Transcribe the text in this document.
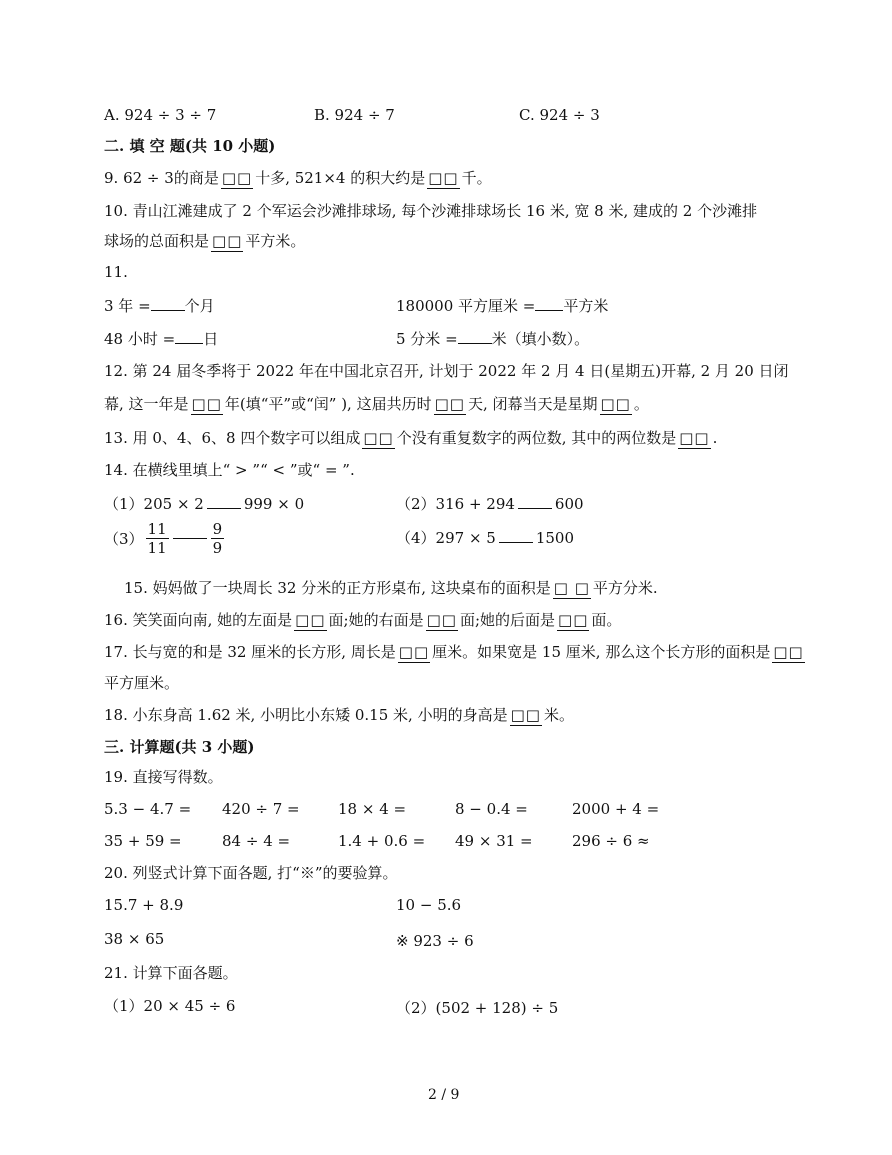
A. 924 ÷ 3 ÷ 7	B. 924 ÷ 7	C. 924 ÷ 3
二. 填 空 题(共 10 小题)
9. 62 ÷ 3的商是 □□ 十多, 521×4 的积大约是 □□ 千。
10. 青山江滩建成了 2 个军运会沙滩排球场, 每个沙滩排球场长 16 米, 宽 8 米, 建成的 2 个沙滩排
球场的总面积是 □□ 平方米。
11.
3 年 = 个月	180000 平方厘米 = 平方米
48 小时 = 日	5 分米 = 米（填小数）。
12. 第 24 届冬季将于 2022 年在中国北京召开, 计划于 2022 年 2 月 4 日(星期五)开幕, 2 月 20 日闭
幕, 这一年是 □□ 年(填“平”或“闰” ), 这届共历时 □□ 天, 闭幕当天是星期 □□ 。
13. 用 0、4、6、8 四个数字可以组成 □□ 个没有重复数字的两位数, 其中的两位数是 □□ .
14. 在横线里填上“ > ”“ < ”或“ = ”.
（1）205 × 2	999 × 0	（2）316 + 294	600
$(3) \frac{11}{11}$	$\frac{9}{9}$	（4）297 × 5	1500
15. 妈妈做了一块周长 32 分米的正方形桌布, 这块桌布的面积是 □ □ 平方分米.
16. 笑笑面向南, 她的左面是 □□ 面;她的右面是 □□ 面;她的后面是 □□ 面。
17. 长与宽的和是 32 厘米的长方形, 周长是 □□ 厘米。如果宽是 15 厘米, 那么这个长方形的面积是 □□
平方厘米。
18. 小东身高 1.62 米, 小明比小东矮 0.15 米, 小明的身高是 □□ 米。
三. 计算题(共 3 小题)
19. 直接写得数。
5.3 − 4.7 = 420 ÷ 7 =	18 × 4 =	8 − 0.4 =	2000 + 4 =
35 + 59 =	84 ÷ 4 =	1.4 + 0.6 = 49 × 31 =	296 ÷ 6 ≈
20. 列竖式计算下面各题, 打“※”的要验算。
15.7 + 8.9	10 − 5.6
38 × 65	※ 923 ÷ 6
21. 计算下面各题。
（1）20 × 45 ÷ 6	（2）(502 + 128) ÷ 5
2 / 9
